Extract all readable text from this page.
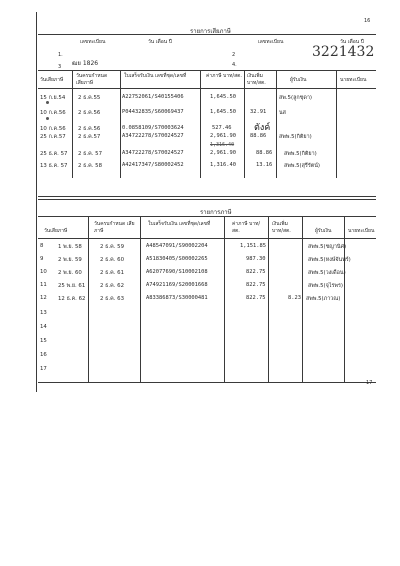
16
รายการเสียภาษี
เลขทะเบียน	วัน เดือน ปี	เลขทะเบียน	วัน เดือน ปี
3221432
1.
ฒย 1826
2
3	4.
วันเสียภาษี
วันครบกำหนด เสียภาษี
ใบเสร็จรับเงิน เลขที่ชุด/เลขที่	ค่าภาษี บาท/สต. เงินเพิ่ม บาท/สต.	ผู้รับเงิน	นายทะเบียน
15 ก.ย.54 2 ธ.ค.55	A22752061/S40155406	1,645.50	สพ.5(ลูกชุดา)
10 ก.ค.56 2 ธ.ค.56	P04432835/S60069437	1,645.50	32.91 นส
10 ก.ค.56 2 ธ.ค.56	0.0858109/S70003624	527.46	ตังค์
25 ก.ค.57 2 ธ.ค.57	A34722278/S70024527	2,961.90	88.86 สพพ.5(กิติยา)
1,316.40
25 ธ.ค. 57 2 ธ.ค. 57	A34722278/S70024527	2,961.90	88.86 สพพ.5(กิติยา)
13 ธ.ค. 57 2 ธ.ค. 58	A42417347/S80002452	1,316.40	13.16 สพพ.5(สุรีรัตน์)
รายการภาษี
วันเสียภาษี
วันครบกำหนด เสียภาษี
ใบเสร็จรับเงิน เลขที่ชุด/เลขที่	ค่าภาษี บาท/สต.
เงินเพิ่ม บาท/สต.	ผู้รับเงิน	นายทะเบียน
8	1 พ.ย. 58	2 ธ.ค. 59	A48547091/S90002204	1,151.85	สพพ.5(ชญานิศ)
9	2 พ.ย. 59	2 ธ.ค. 60	A51830405/S00002265	987.30	สพพ.5(หงษ์จันทร์)
10 2 พ.ย. 60	2 ธ.ค. 61	A62077690/S10002108	822.75	สพพ.5(วงเดือน)
11 25 พ.ย. 61	2 ธ.ค. 62	A74921169/S20001668	822.75	สพพ.5(จุไรพร)
12 12 ธ.ค. 62	2 ธ.ค. 63	A83386873/S30000481	822.75	8.23 สพพ.5(ภาวณ)
13
14
15
16
17
17
